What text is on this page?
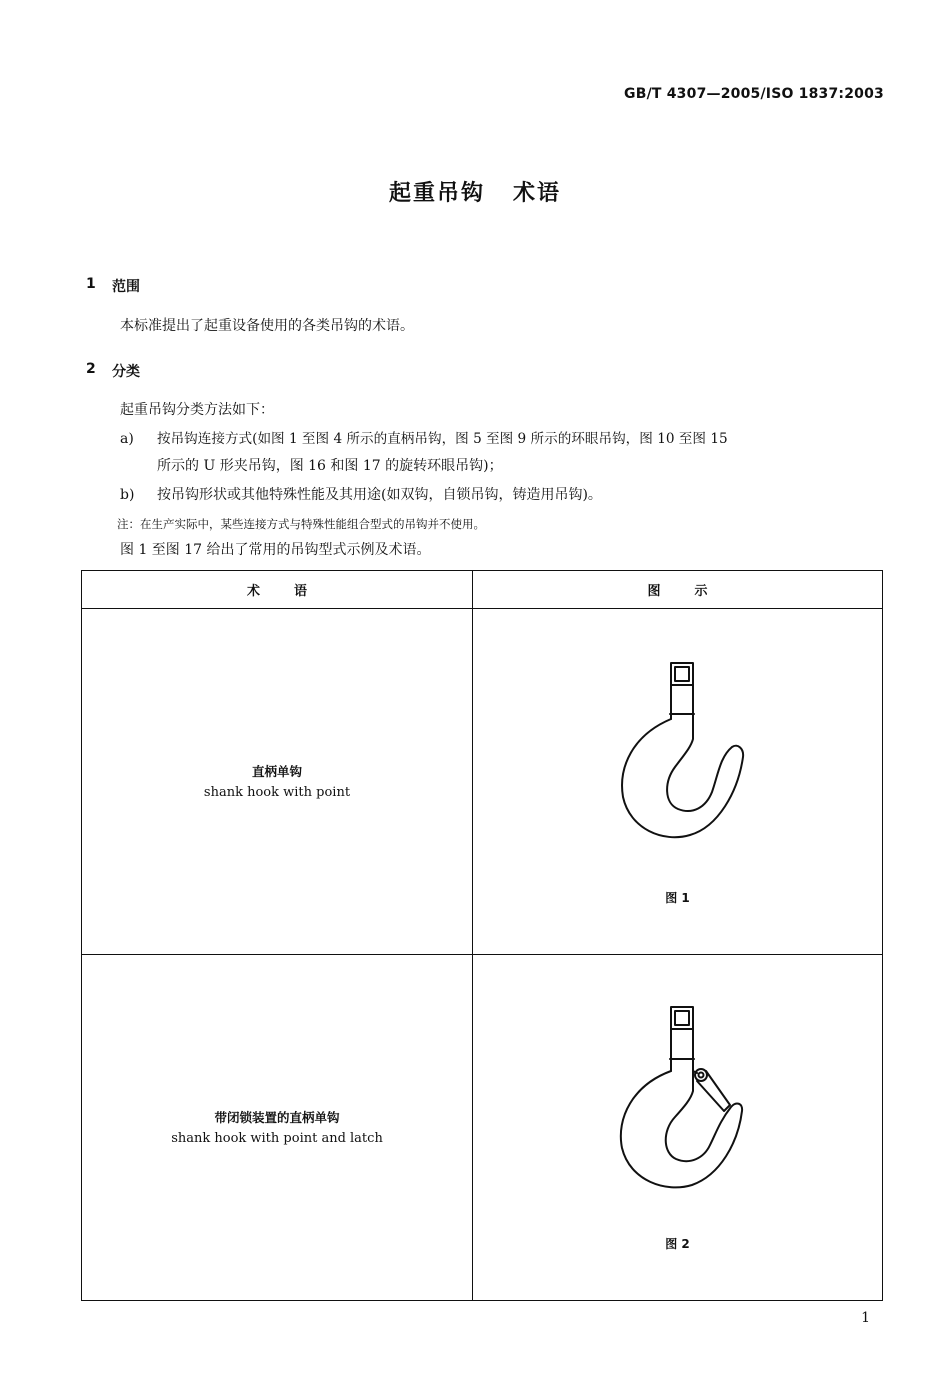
GB/T 4307—2005/ISO 1837:2003
起重吊钩 术语
1 范围
本标准提出了起重设备使用的各类吊钩的术语。
2 分类
起重吊钩分类方法如下：
a) 按吊钩连接方式(如图 1 至图 4 所示的直柄吊钩，图 5 至图 9 所示的环眼吊钩，图 10 至图 15
所示的 U 形夹吊钩，图 16 和图 17 的旋转环眼吊钩)；
b) 按吊钩形状或其他特殊性能及其用途(如双钩，自锁吊钩，铸造用吊钩)。
注：在生产实际中，某些连接方式与特殊性能组合型式的吊钩并不使用。
图 1 至图 17 给出了常用的吊钩型式示例及术语。
术 语	图 示

直柄单钩
shank hook with point	图 1

带闭锁装置的直柄单钩
shank hook with point and latch	图 2
1
